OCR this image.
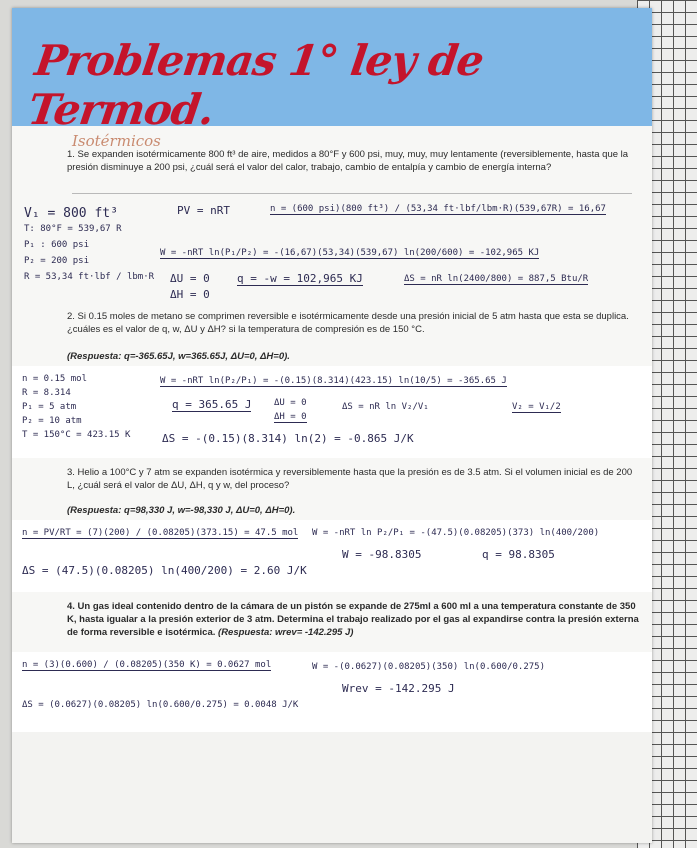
Problemas 1° ley de Termod.
Isotérmicos
1. Se expanden isotérmicamente 800 ft³ de aire, medidos a 80°F y 600 psi, muy, muy, muy lentamente (reversiblemente, hasta que la presión disminuye a 200 psi, ¿cuál será el valor del calor, trabajo, cambio de entalpía y cambio de energía interna?
V₁ = 800 ft³
T: 80°F = 539,67 R
P₁ : 600 psi
P₂ = 200 psi
R = 53,34 ft·lbf / lbm·R
PV = nRT	n = (600 psi)(800 ft³) / (53,34 ft·lbf/lbm·R)(539,67R) = 16,67
W = -nRT ln(P₁/P₂) = -(16,67)(53,34)(539,67) ln(200/600) = -102,965 KJ
ΔU = 0
ΔH = 0
q = -w = 102,965 KJ	ΔS = nR ln(2400/800) = 887,5 Btu/R
2. Si 0.15 moles de metano se comprimen reversible e isotérmicamente desde una presión inicial de 5 atm hasta que esta se duplica. ¿cuáles es el valor de q, w, ΔU y ΔH? si la temperatura de compresión es de 150 °C.
(Respuesta: q=-365.65J, w=365.65J, ΔU=0, ΔH=0).
n = 0.15 mol
R = 8.314
P₁ = 5 atm
P₂ = 10 atm
T = 150°C = 423.15 K
W = -nRT ln(P₂/P₁) = -(0.15)(8.314)(423.15) ln(10/5) = -365.65 J
q = 365.65 J	ΔU = 0
ΔH = 0
ΔS = nR ln V₂/V₁	V₂ = V₁/2
ΔS = -(0.15)(8.314) ln(2) = -0.865 J/K
3. Helio a 100°C y 7 atm se expanden isotérmica y reversiblemente hasta que la presión es de 3.5 atm. Si el volumen inicial es de 200 L, ¿cuál será el valor de ΔU, ΔH, q y w, del proceso?
(Respuesta: q=98,330 J, w=-98,330 J, ΔU=0, ΔH=0).
n = PV/RT = (7)(200) / (0.08205)(373.15) = 47.5 mol W = -nRT ln P₂/P₁ = -(47.5)(0.08205)(373) ln(400/200)
W = -98.8305	q = 98.8305
ΔS = (47.5)(0.08205) ln(400/200) = 2.60 J/K
4. Un gas ideal contenido dentro de la cámara de un pistón se expande de 275ml a 600 ml a una temperatura constante de 350 K, hasta igualar a la presión exterior de 3 atm. Determina el trabajo realizado por el gas al expandirse contra la presión externa de forma reversible e isotérmica. (Respuesta: wrev= -142.295 J)
n = (3)(0.600) / (0.08205)(350 K) = 0.0627 mol	W = -(0.0627)(0.08205)(350) ln(0.600/0.275)
Wrev = -142.295 J
ΔS = (0.0627)(0.08205) ln(0.600/0.275) = 0.0048 J/K
